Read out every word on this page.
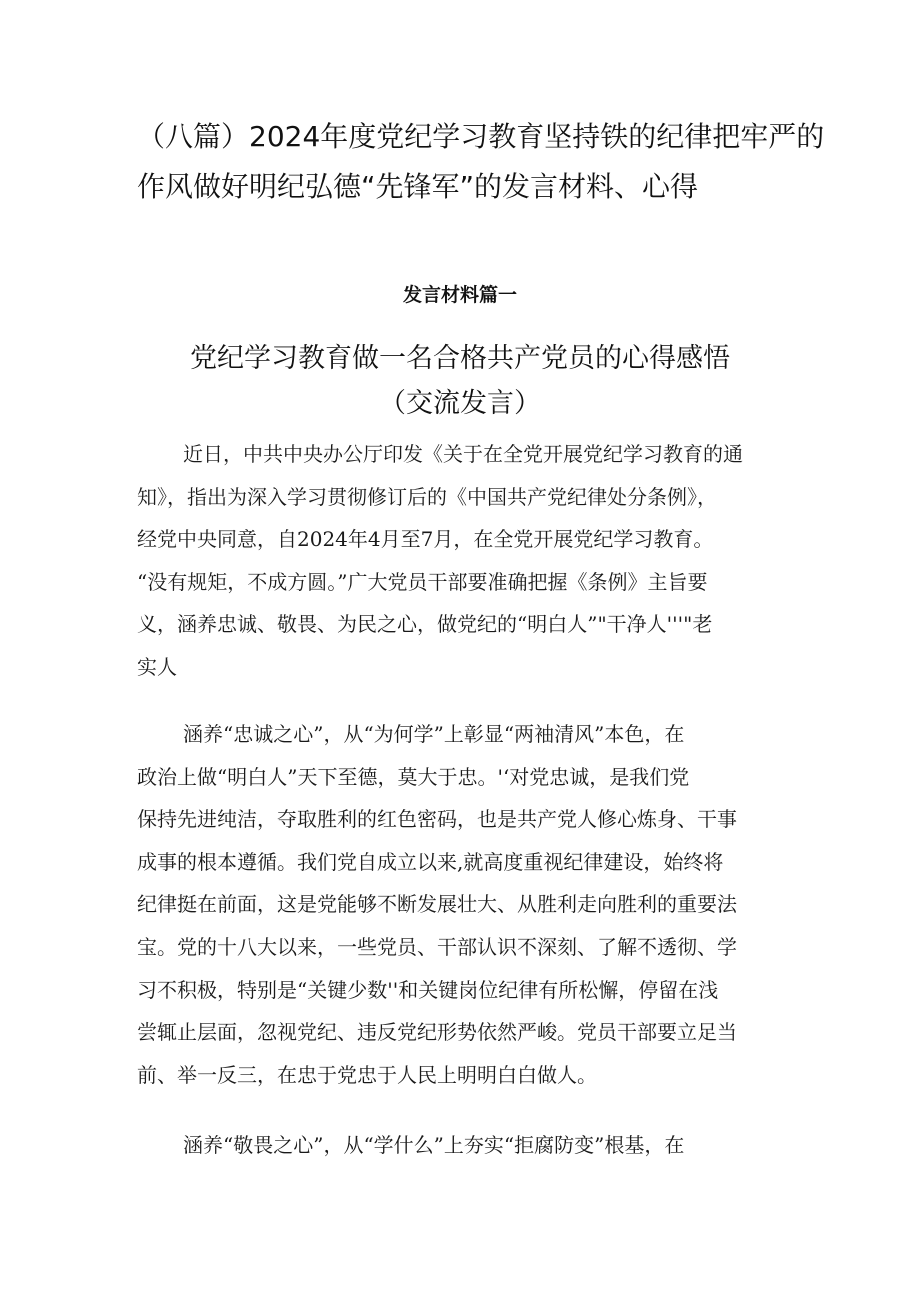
（八篇）2024年度党纪学习教育坚持铁的纪律把牢严的
作风做好明纪弘德“先锋军”的发言材料、心得
发言材料篇一
党纪学习教育做一名合格共产党员的心得感悟
（交流发言）
近日，中共中央办公厅印发《关于在全党开展党纪学习教育的通
知》，指出为深入学习贯彻修订后的《中国共产党纪律处分条例》，
经党中央同意，自2024年4月至7月，在全党开展党纪学习教育。
“没有规矩，不成方圆。”广大党员干部要准确把握《条例》主旨要
义，涵养忠诚、敬畏、为民之心，做党纪的“明白人”"干净人'''"老
实人
涵养“忠诚之心”，从“为何学”上彰显“两袖清风”本色，在
政治上做“明白人”天下至德，莫大于忠。'‘对党忠诚，是我们党
保持先进纯洁，夺取胜利的红色密码，也是共产党人修心炼身、干事
成事的根本遵循。我们党自成立以来,就高度重视纪律建设，始终将
纪律挺在前面，这是党能够不断发展壮大、从胜利走向胜利的重要法
宝。党的十八大以来，一些党员、干部认识不深刻、了解不透彻、学
习不积极，特别是“关键少数''和关键岗位纪律有所松懈，停留在浅
尝辄止层面，忽视党纪、违反党纪形势依然严峻。党员干部要立足当
前、举一反三，在忠于党忠于人民上明明白白做人。
涵养“敬畏之心”，从“学什么”上夯实“拒腐防变”根基，在
